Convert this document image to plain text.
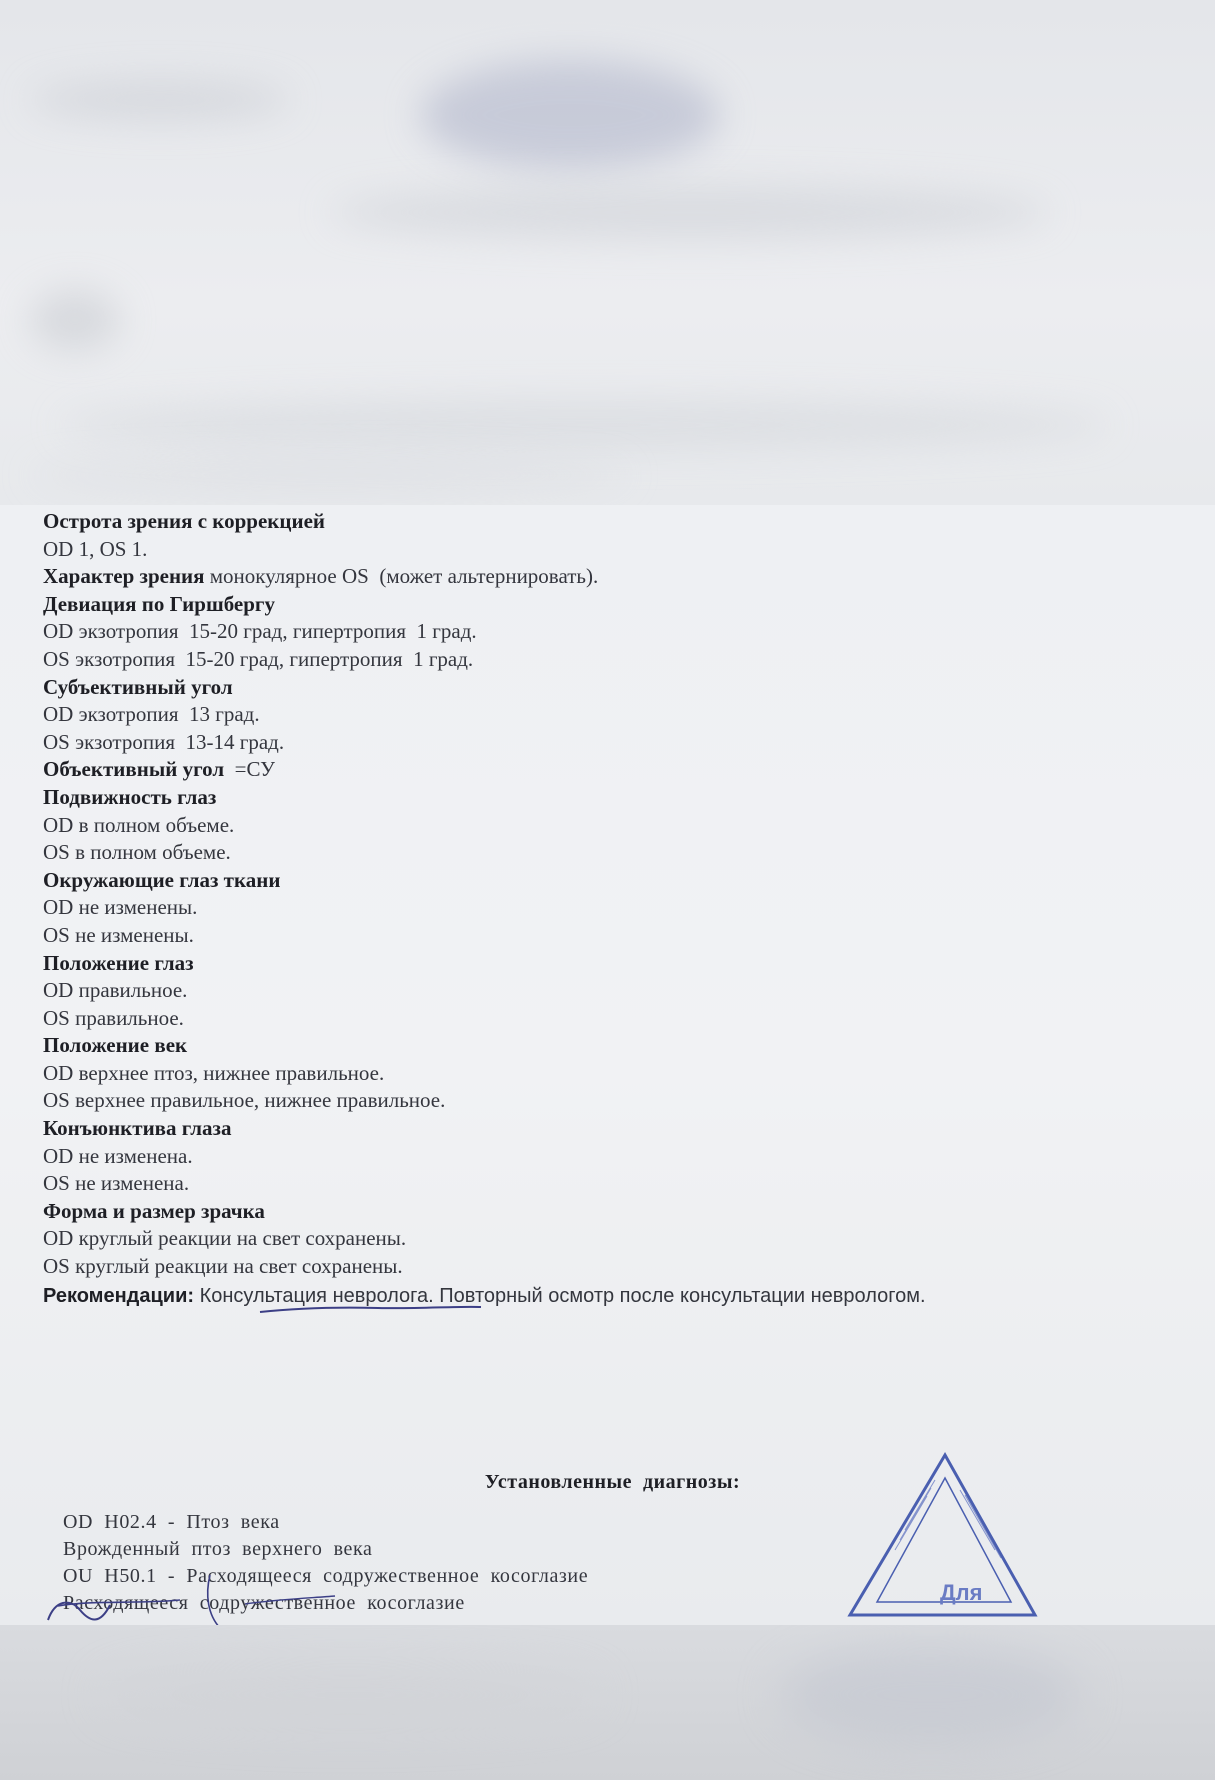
Острота зрения с коррекцией
OD 1, OS 1.
Характер зрения монокулярное OS  (может альтернировать).
Девиация по Гиршбергу
OD экзотропия  15-20 град, гипертропия  1 град.
OS экзотропия  15-20 град, гипертропия  1 град.
Субъективный угол
OD экзотропия  13 град.
OS экзотропия  13-14 град.
Объективный угол  =СУ
Подвижность глаз
OD в полном объеме.
OS в полном объеме.
Окружающие глаз ткани
OD не изменены.
OS не изменены.
Положение глаз
OD правильное.
OS правильное.
Положение век
OD верхнее птоз, нижнее правильное.
OS верхнее правильное, нижнее правильное.
Конъюнктива глаза
OD не изменена.
OS не изменена.
Форма и размер зрачка
OD круглый реакции на свет сохранены.
OS круглый реакции на свет сохранены.
Рекомендации: Консультация невролога. Повторный осмотр после консультации неврологом.
Установленные  диагнозы:
OD  H02.4  -  Птоз  века
Врожденный  птоз  верхнего  века
OU  H50.1  -  Расходящееся  содружественное  косоглазие
Расходящееся  содружественное  косоглазие	Для
